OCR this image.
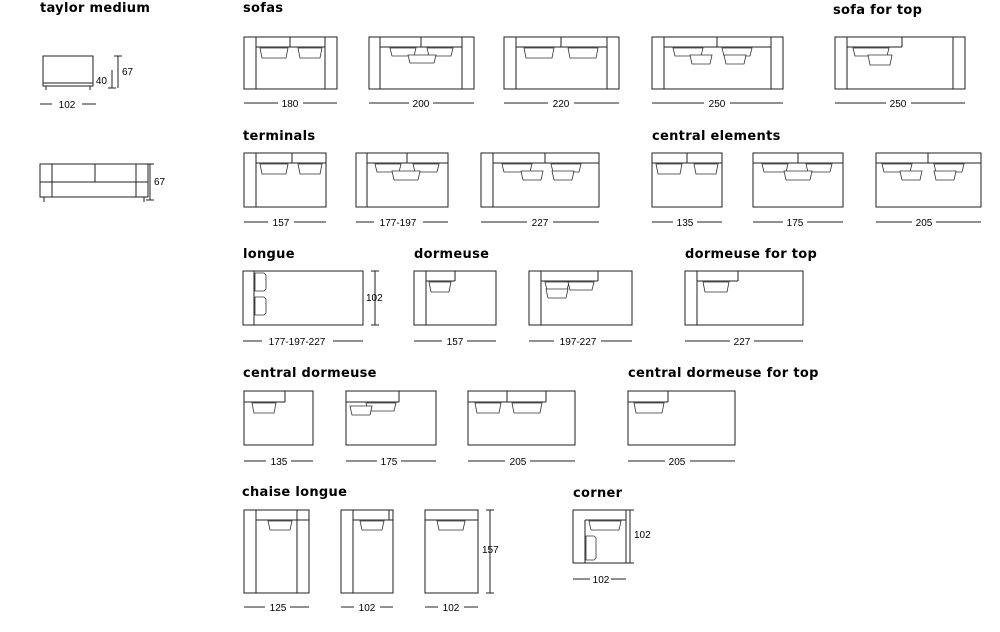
taylor medium
40
67
102
67
sofas
180	200	220	250
sofa for top
250
terminals
157	177-197	227
central elements
135	175	205
longue
177-197-227
102
dormeuse
157	197-227
dormeuse for top
227
central dormeuse
135	175	205
central dormeuse for top
205
chaise longue
125	102	102
157
corner
102
102
